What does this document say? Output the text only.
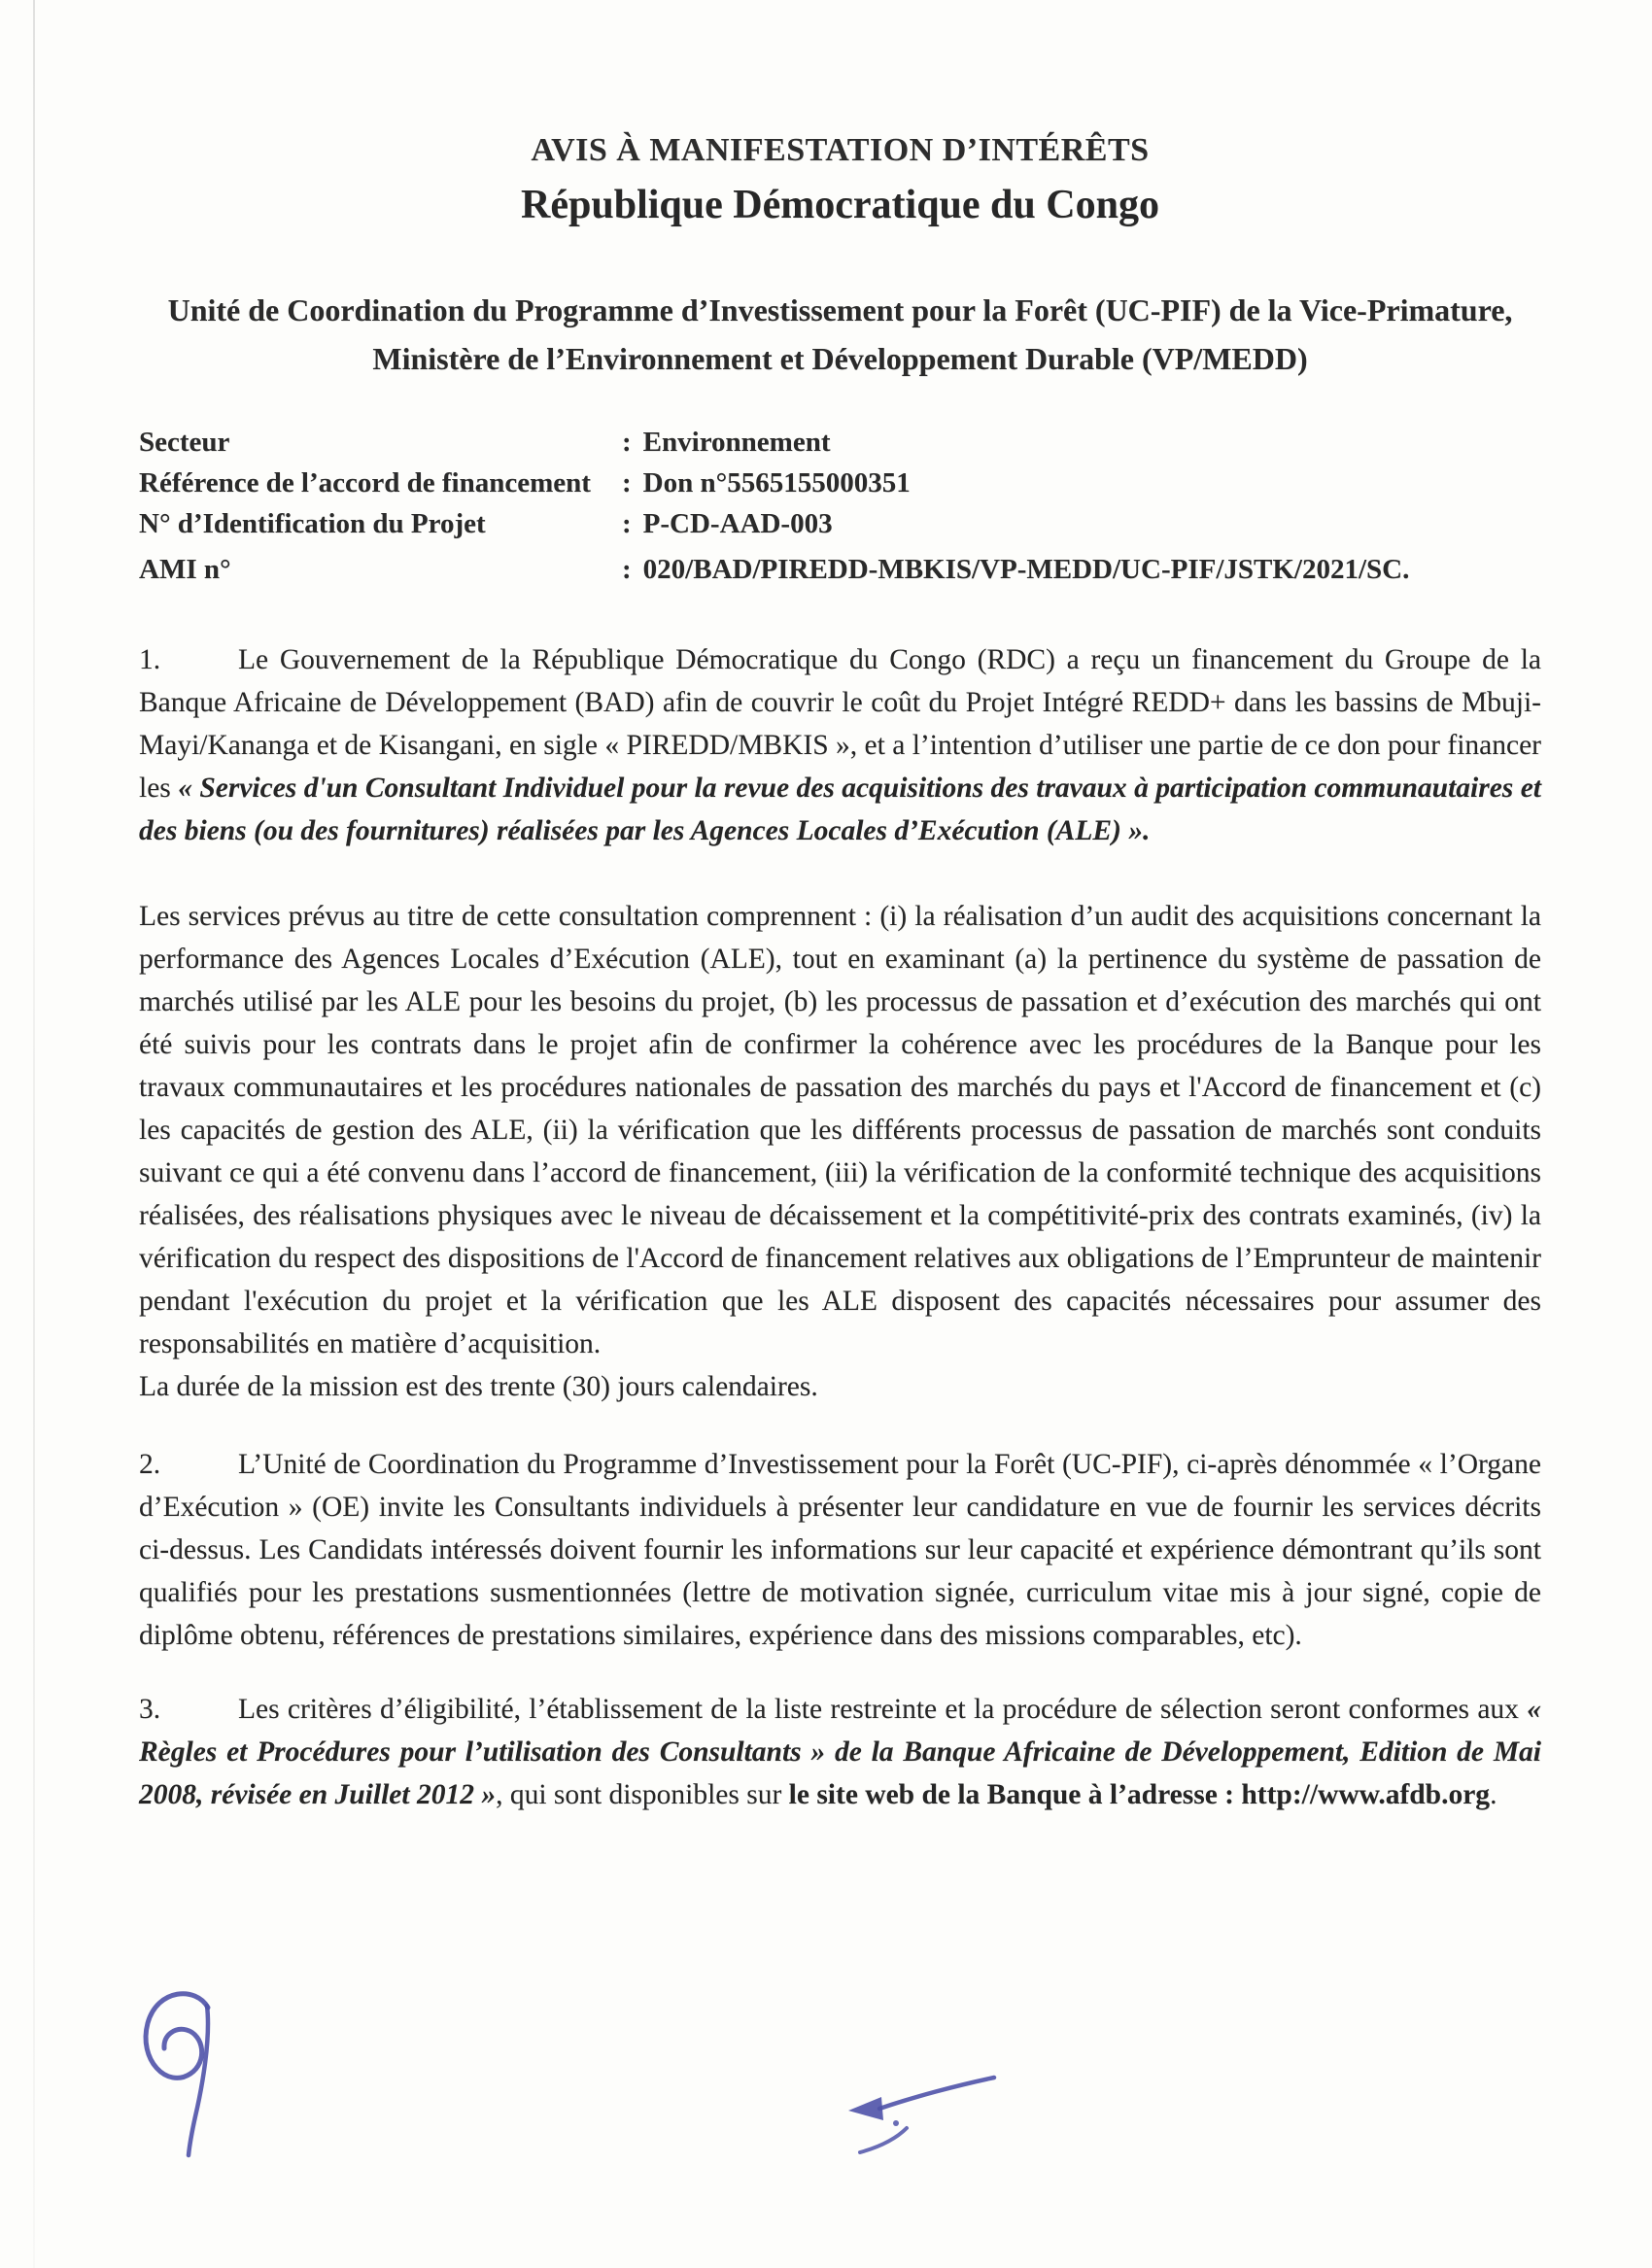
AVIS À MANIFESTATION D’INTÉRÊTS
République Démocratique du Congo
Unité de Coordination du Programme d’Investissement pour la Forêt (UC-PIF) de la Vice-Primature, Ministère de l’Environnement et Développement Durable (VP/MEDD)
Secteur	: Environnement
Référence de l’accord de financement : Don n°5565155000351
N° d’Identification du Projet	: P-CD-AAD-003
AMI n°	: 020/BAD/PIREDD-MBKIS/VP-MEDD/UC-PIF/JSTK/2021/SC.

1.	Le Gouvernement de la République Démocratique du Congo (RDC) a reçu un financement du Groupe de la Banque Africaine de Développement (BAD) afin de couvrir le coût du Projet Intégré REDD+ dans les bassins de Mbuji-Mayi/Kananga et de Kisangani, en sigle « PIREDD/MBKIS », et a l’intention d’utiliser une partie de ce don pour financer les « Services d'un Consultant Individuel pour la revue des acquisitions des travaux à participation communautaires et des biens (ou des fournitures) réalisées par les Agences Locales d’Exécution (ALE) ».

Les services prévus au titre de cette consultation comprennent : (i) la réalisation d’un audit des acquisitions concernant la performance des Agences Locales d’Exécution (ALE), tout en examinant (a) la pertinence du système de passation de marchés utilisé par les ALE pour les besoins du projet, (b) les processus de passation et d’exécution des marchés qui ont été suivis pour les contrats dans le projet afin de confirmer la cohérence avec les procédures de la Banque pour les travaux communautaires et les procédures nationales de passation des marchés du pays et l'Accord de financement et (c) les capacités de gestion des ALE, (ii) la vérification que les différents processus de passation de marchés sont conduits suivant ce qui a été convenu dans l’accord de financement, (iii) la vérification de la conformité technique des acquisitions réalisées, des réalisations physiques avec le niveau de décaissement et la compétitivité-prix des contrats examinés, (iv) la vérification du respect des dispositions de l'Accord de financement relatives aux obligations de l’Emprunteur de maintenir pendant l'exécution du projet et la vérification que les ALE disposent des capacités nécessaires pour assumer des responsabilités en matière d’acquisition.
La durée de la mission est des trente (30) jours calendaires.

2.	L’Unité de Coordination du Programme d’Investissement pour la Forêt (UC-PIF), ci-après dénommée « l’Organe d’Exécution » (OE) invite les Consultants individuels à présenter leur candidature en vue de fournir les services décrits ci-dessus. Les Candidats intéressés doivent fournir les informations sur leur capacité et expérience démontrant qu’ils sont qualifiés pour les prestations susmentionnées (lettre de motivation signée, curriculum vitae mis à jour signé, copie de diplôme obtenu, références de prestations similaires, expérience dans des missions comparables, etc).

3.	Les critères d’éligibilité, l’établissement de la liste restreinte et la procédure de sélection seront conformes aux « Règles et Procédures pour l’utilisation des Consultants » de la Banque Africaine de Développement, Edition de Mai 2008, révisée en Juillet 2012 », qui sont disponibles sur le site web de la Banque à l’adresse : http://www.afdb.org.
